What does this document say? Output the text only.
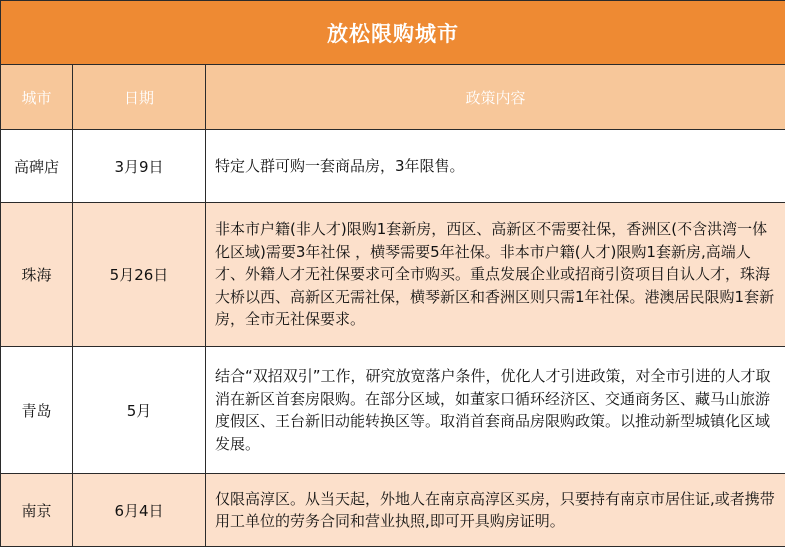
放松限购城市		
城市	日期	政策内容
高碑店	3月9日	特定人群可购一套商品房，3年限售。
珠海	5月26日	非本市户籍(非人才)限购1套新房，西区、高新区不需要社保，香洲区(不含洪湾一体化区域)需要3年社保 ，横琴需要5年社保。非本市户籍(人才)限购1套新房,高端人才、外籍人才无社保要求可全市购买。重点发展企业或招商引资项目自认人才，珠海大桥以西、高新区无需社保，横琴新区和香洲区则只需1年社保。港澳居民限购1套新房，全市无社保要求。
青岛	5月	结合“双招双引”工作，研究放宽落户条件，优化人才引进政策，对全市引进的人才取消在新区首套房限购。在部分区域，如董家口循环经济区、交通商务区、藏马山旅游度假区、王台新旧动能转换区等。取消首套商品房限购政策。以推动新型城镇化区域发展。
南京	6月4日	仅限高淳区。从当天起，外地人在南京高淳区买房，只要持有南京市居住证,或者携带用工单位的劳务合同和营业执照,即可开具购房证明。
